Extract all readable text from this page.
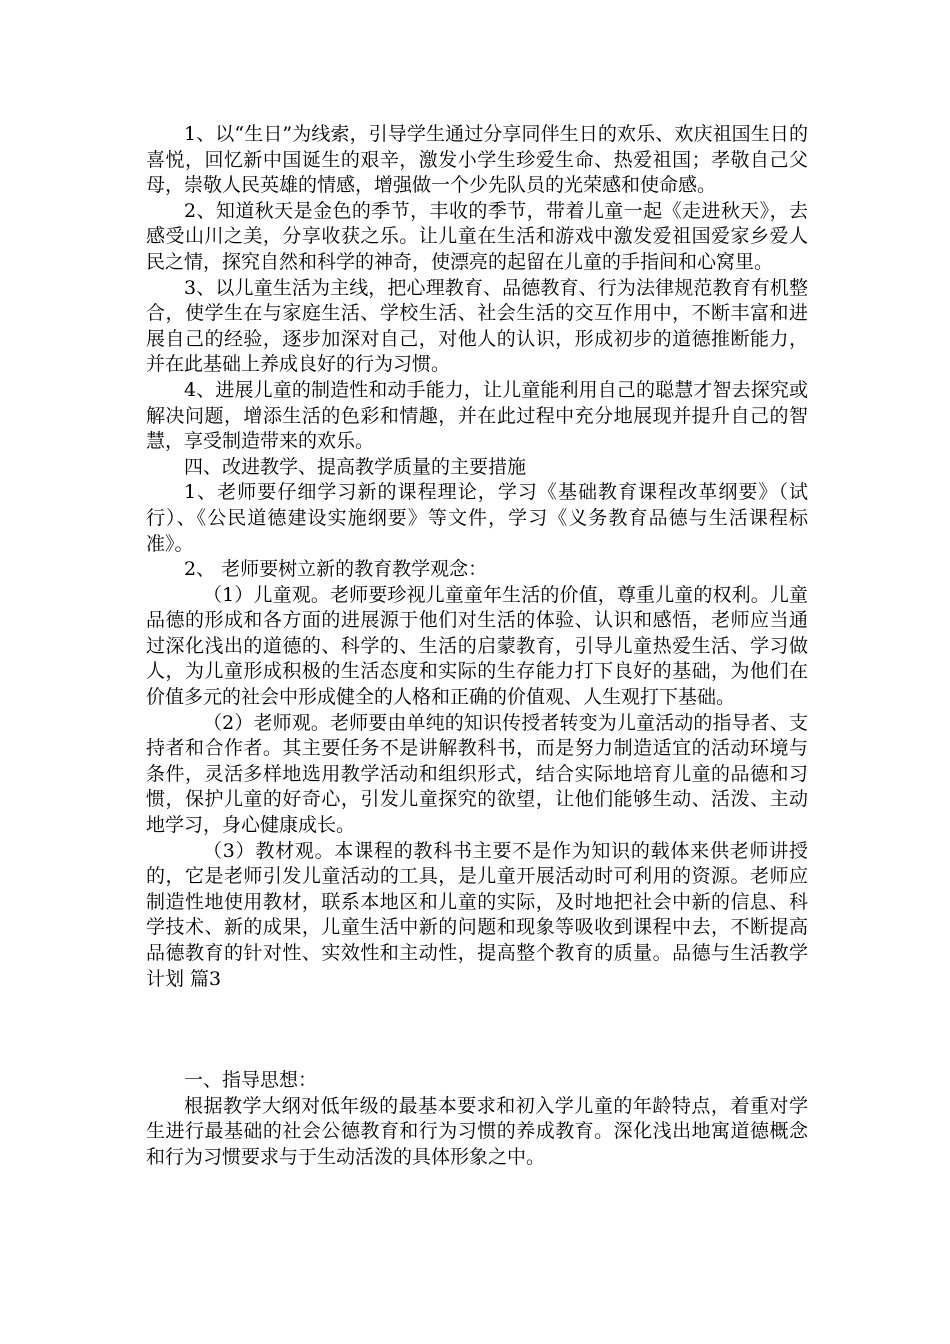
1、以“生日”为线索，引导学生通过分享同伴生日的欢乐、欢庆祖国生日的喜悦，回忆新中国诞生的艰辛，激发小学生珍爱生命、热爱祖国；孝敬自己父母，崇敬人民英雄的情感，增强做一个少先队员的光荣感和使命感。

2、知道秋天是金色的季节，丰收的季节，带着儿童一起《走进秋天》，去感受山川之美，分享收获之乐。让儿童在生活和游戏中激发爱祖国爱家乡爱人民之情，探究自然和科学的神奇，使漂亮的起留在儿童的手指间和心窝里。

3、以儿童生活为主线，把心理教育、品德教育、行为法律规范教育有机整合，使学生在与家庭生活、学校生活、社会生活的交互作用中，不断丰富和进展自己的经验，逐步加深对自己，对他人的认识，形成初步的道德推断能力，并在此基础上养成良好的行为习惯。

4、进展儿童的制造性和动手能力，让儿童能利用自己的聪慧才智去探究或解决问题，增添生活的色彩和情趣，并在此过程中充分地展现并提升自己的智慧，享受制造带来的欢乐。

四、改进教学、提高教学质量的主要措施

1、老师要仔细学习新的课程理论，学习《基础教育课程改革纲要》（试行）、《公民道德建设实施纲要》等文件，学习《义务教育品德与生活课程标准》。

2、 老师要树立新的教育教学观念：

（1）儿童观。老师要珍视儿童童年生活的价值，尊重儿童的权利。儿童品德的形成和各方面的进展源于他们对生活的体验、认识和感悟，老师应当通过深化浅出的道德的、科学的、生活的启蒙教育，引导儿童热爱生活、学习做人，为儿童形成积极的生活态度和实际的生存能力打下良好的基础，为他们在价值多元的社会中形成健全的人格和正确的价值观、人生观打下基础。

（2）老师观。老师要由单纯的知识传授者转变为儿童活动的指导者、支持者和合作者。其主要任务不是讲解教科书，而是努力制造适宜的活动环境与条件，灵活多样地选用教学活动和组织形式，结合实际地培育儿童的品德和习惯，保护儿童的好奇心，引发儿童探究的欲望，让他们能够生动、活泼、主动地学习，身心健康成长。

（3）教材观。本课程的教科书主要不是作为知识的载体来供老师讲授的，它是老师引发儿童活动的工具，是儿童开展活动时可利用的资源。老师应制造性地使用教材，联系本地区和儿童的实际，及时地把社会中新的信息、科学技术、新的成果，儿童生活中新的问题和现象等吸收到课程中去，不断提高品德教育的针对性、实效性和主动性，提高整个教育的质量。品德与生活教学计划 篇3

一、指导思想：

根据教学大纲对低年级的最基本要求和初入学儿童的年龄特点，着重对学生进行最基础的社会公德教育和行为习惯的养成教育。深化浅出地寓道德概念和行为习惯要求与于生动活泼的具体形象之中。
